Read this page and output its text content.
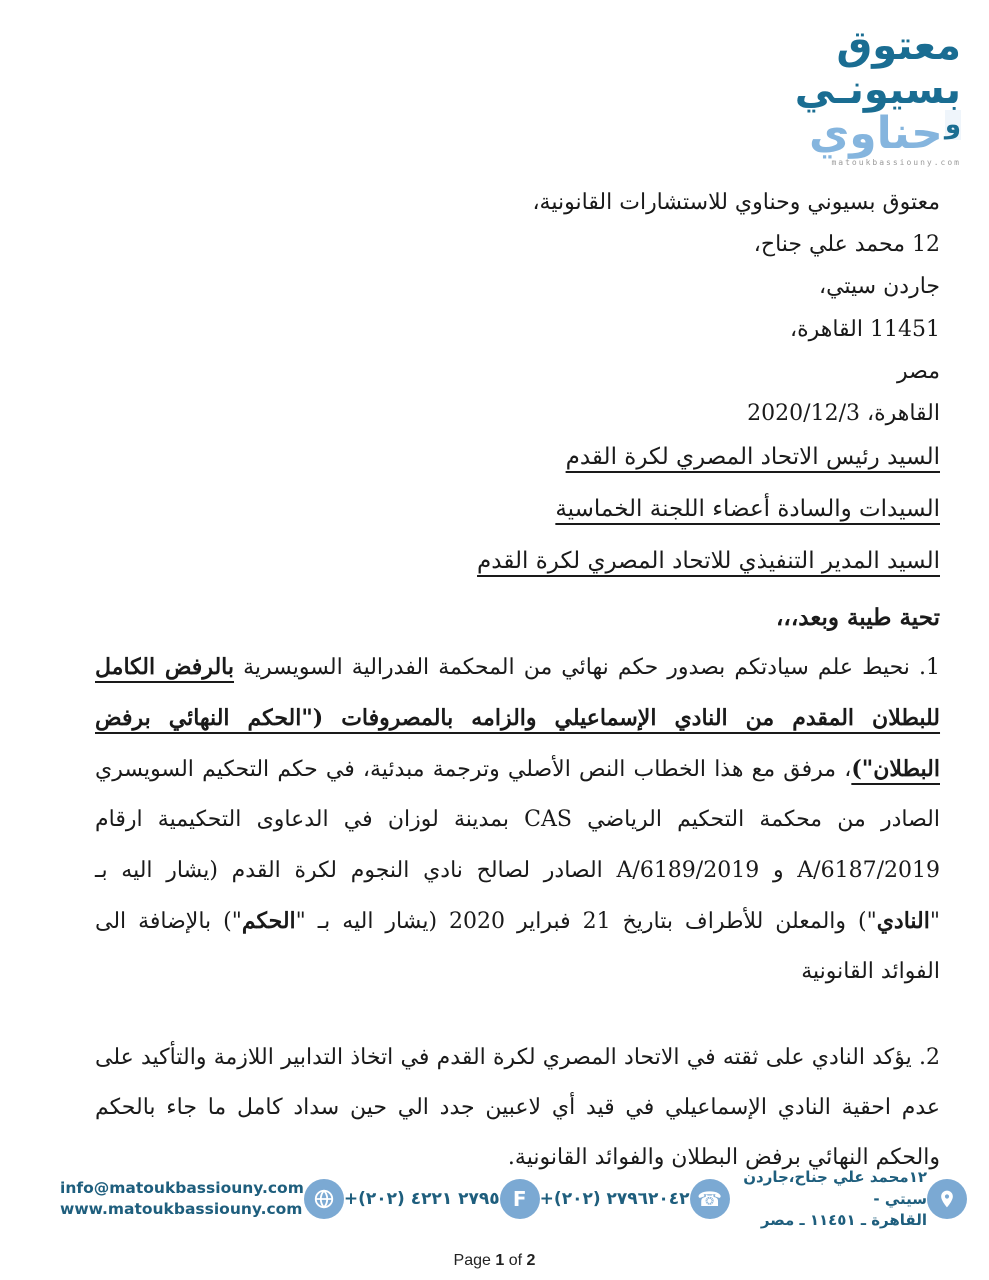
معتوق
بسيونـي
$^و$حناوي
matoukbassiouny.com
معتوق بسيوني وحناوي للاستشارات القانونية،
12 محمد علي جناح،
جاردن سيتي،
11451 القاهرة،
مصر
القاهرة، 2020/12/3
السيد رئيس الاتحاد المصري لكرة القدم
السيدات والسادة أعضاء اللجنة الخماسية
السيد المدير التنفيذي للاتحاد المصري لكرة القدم
تحية طيبة وبعد،،،
1. نحيط علم سيادتكم بصدور حكم نهائي من المحكمة الفدرالية السويسرية بالرفض الكامل للبطلان المقدم من النادي الإسماعيلي والزامه بالمصروفات ("الحكم النهائي برفض البطلان")، مرفق مع هذا الخطاب النص الأصلي وترجمة مبدئية، في حكم التحكيم السويسري الصادر من محكمة التحكيم الرياضي CAS بمدينة لوزان في الدعاوى التحكيمية ارقام A/6187/2019 و A/6189/2019 الصادر لصالح نادي النجوم لكرة القدم (يشار اليه بـ "النادي") والمعلن للأطراف بتاريخ 21 فبراير 2020 (يشار اليه بـ "الحكم") بالإضافة الى الفوائد القانونية
2. يؤكد النادي على ثقته في الاتحاد المصري لكرة القدم في اتخاذ التدابير اللازمة والتأكيد على عدم احقية النادي الإسماعيلي في قيد أي لاعبين جدد الي حين سداد كامل ما جاء بالحكم والحكم النهائي برفض البطلان والفوائد القانونية.
info@matoukbassiouny.com
www.matoukbassiouny.com +(٢٠٢) ٢٧٩٥ ٤٢٢١ F +(٢٠٢) ٢٧٩٦٢٠٤٢ ☎
١٢محمد علي جناح،جاردن سيتي -
القاهرة ـ ١١٤٥١ ـ مصر
Page 1 of 2
